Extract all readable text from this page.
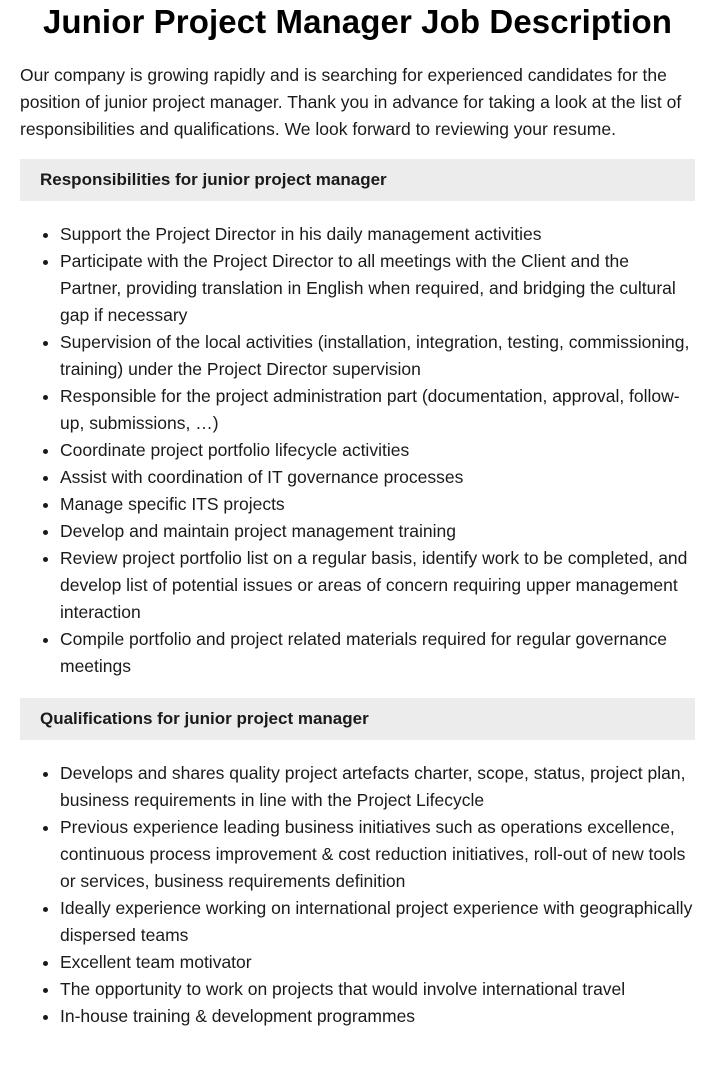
Junior Project Manager Job Description

Our company is growing rapidly and is searching for experienced candidates for the position of junior project manager. Thank you in advance for taking a look at the list of responsibilities and qualifications. We look forward to reviewing your resume.

Responsibilities for junior project manager
• Support the Project Director in his daily management activities
• Participate with the Project Director to all meetings with the Client and the Partner, providing translation in English when required, and bridging the cultural gap if necessary
• Supervision of the local activities (installation, integration, testing, commissioning, training) under the Project Director supervision
• Responsible for the project administration part (documentation, approval, follow-up, submissions, …)
• Coordinate project portfolio lifecycle activities
• Assist with coordination of IT governance processes
• Manage specific ITS projects
• Develop and maintain project management training
• Review project portfolio list on a regular basis, identify work to be completed, and develop list of potential issues or areas of concern requiring upper management interaction
• Compile portfolio and project related materials required for regular governance meetings
Qualifications for junior project manager
• Develops and shares quality project artefacts charter, scope, status, project plan, business requirements in line with the Project Lifecycle
• Previous experience leading business initiatives such as operations excellence, continuous process improvement & cost reduction initiatives, roll-out of new tools or services, business requirements definition
• Ideally experience working on international project experience with geographically dispersed teams
• Excellent team motivator
• The opportunity to work on projects that would involve international travel
• In-house training & development programmes
